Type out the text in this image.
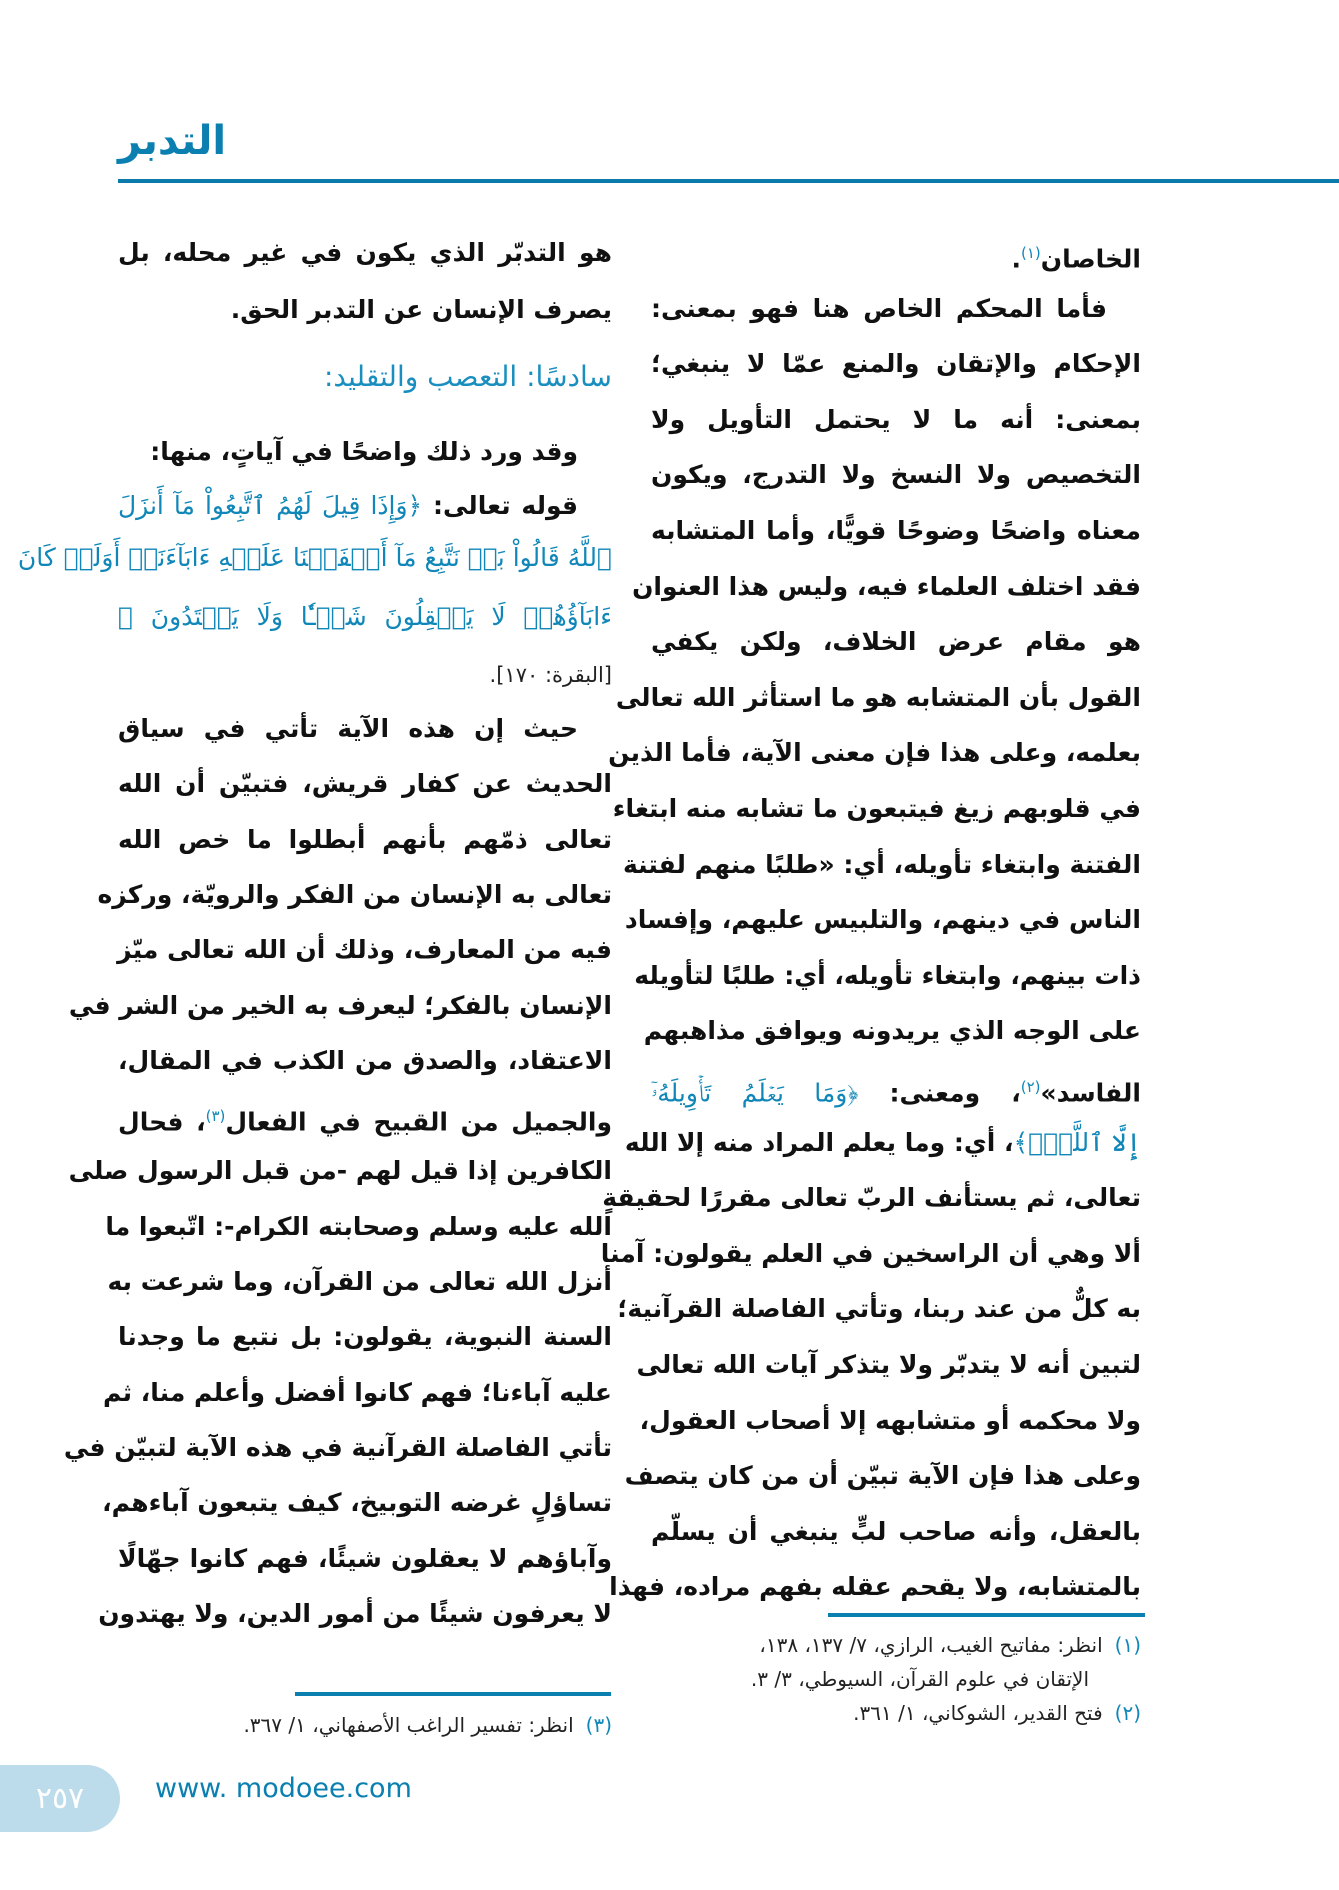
التدبر
الخاصان$^{(١)}$.
فأما المحكم الخاص هنا فهو بمعنى:
الإحكام والإتقان والمنع عمّا لا ينبغي؛
بمعنى: أنه ما لا يحتمل التأويل ولا
التخصيص ولا النسخ ولا التدرج، ويكون
معناه واضحًا وضوحًا قويًّا، وأما المتشابه
فقد اختلف العلماء فيه، وليس هذا العنوان
هو مقام عرض الخلاف، ولكن يكفي
القول بأن المتشابه هو ما استأثر الله تعالى
بعلمه، وعلى هذا فإن معنى الآية، فأما الذين
في قلوبهم زيغ فيتبعون ما تشابه منه ابتغاء
الفتنة وابتغاء تأويله، أي: «طلبًا منهم لفتنة
الناس في دينهم، والتلبيس عليهم، وإفساد
ذات بينهم، وابتغاء تأويله، أي: طلبًا لتأويله
على الوجه الذي يريدونه ويوافق مذاهبهم
الفاسد»$^{(٢)}$، ومعنى: ﴿وَمَا يَعۡلَمُ تَأۡوِيلَهُۥٓ
إِلَّا ٱللَّهُۗ﴾، أي: وما يعلم المراد منه إلا الله
تعالى، ثم يستأنف الربّ تعالى مقررًا لحقيقةٍ
ألا وهي أن الراسخين في العلم يقولون: آمنا
به كلٌّ من عند ربنا، وتأتي الفاصلة القرآنية؛
لتبين أنه لا يتدبّر ولا يتذكر آيات الله تعالى
ولا محكمه أو متشابهه إلا أصحاب العقول،
وعلى هذا فإن الآية تبيّن أن من كان يتصف
بالعقل، وأنه صاحب لبٍّ ينبغي أن يسلّم
بالمتشابه، ولا يقحم عقله بفهم مراده، فهذا
هو التدبّر الذي يكون في غير محله، بل
يصرف الإنسان عن التدبر الحق.
سادسًا: التعصب والتقليد:
وقد ورد ذلك واضحًا في آياتٍ، منها:
قوله تعالى: ﴿وَإِذَا قِيلَ لَهُمُ ٱتَّبِعُواْ مَآ أَنزَلَ
ٱللَّهُ قَالُواْ بَلۡ نَتَّبِعُ مَآ أَلۡفَيۡنَا عَلَيۡهِ ءَابَآءَنَآۚ أَوَلَوۡ كَانَ
ءَابَآؤُهُمۡ لَا يَعۡقِلُونَ شَيۡـٔٗا وَلَا يَهۡتَدُونَ ﴾
[البقرة: ١٧٠].
حيث إن هذه الآية تأتي في سياق
الحديث عن كفار قريش، فتبيّن أن الله
تعالى ذمّهم بأنهم أبطلوا ما خص الله
تعالى به الإنسان من الفكر والرويّة، وركزه
فيه من المعارف، وذلك أن الله تعالى ميّز
الإنسان بالفكر؛ ليعرف به الخير من الشر في
الاعتقاد، والصدق من الكذب في المقال،
والجميل من القبيح في الفعال$^{(٣)}$، فحال
الكافرين إذا قيل لهم -من قبل الرسول صلى
الله عليه وسلم وصحابته الكرام-: اتّبعوا ما
أنزل الله تعالى من القرآن، وما شرعت به
السنة النبوية، يقولون: بل نتبع ما وجدنا
عليه آباءنا؛ فهم كانوا أفضل وأعلم منا، ثم
تأتي الفاصلة القرآنية في هذه الآية لتبيّن في
تساؤلٍ غرضه التوبيخ، كيف يتبعون آباءهم،
وآباؤهم لا يعقلون شيئًا، فهم كانوا جهّالًا
لا يعرفون شيئًا من أمور الدين، ولا يهتدون
(١)انظر: مفاتيح الغيب، الرازي، ٧/ ١٣٧، ١٣٨،
الإتقان في علوم القرآن، السيوطي، ٣/ ٣.
(٢)فتح القدير، الشوكاني، ١/ ٣٦١.
(٣)انظر: تفسير الراغب الأصفهاني، ١/ ٣٦٧.
٢٥٧	www. modoee.com
